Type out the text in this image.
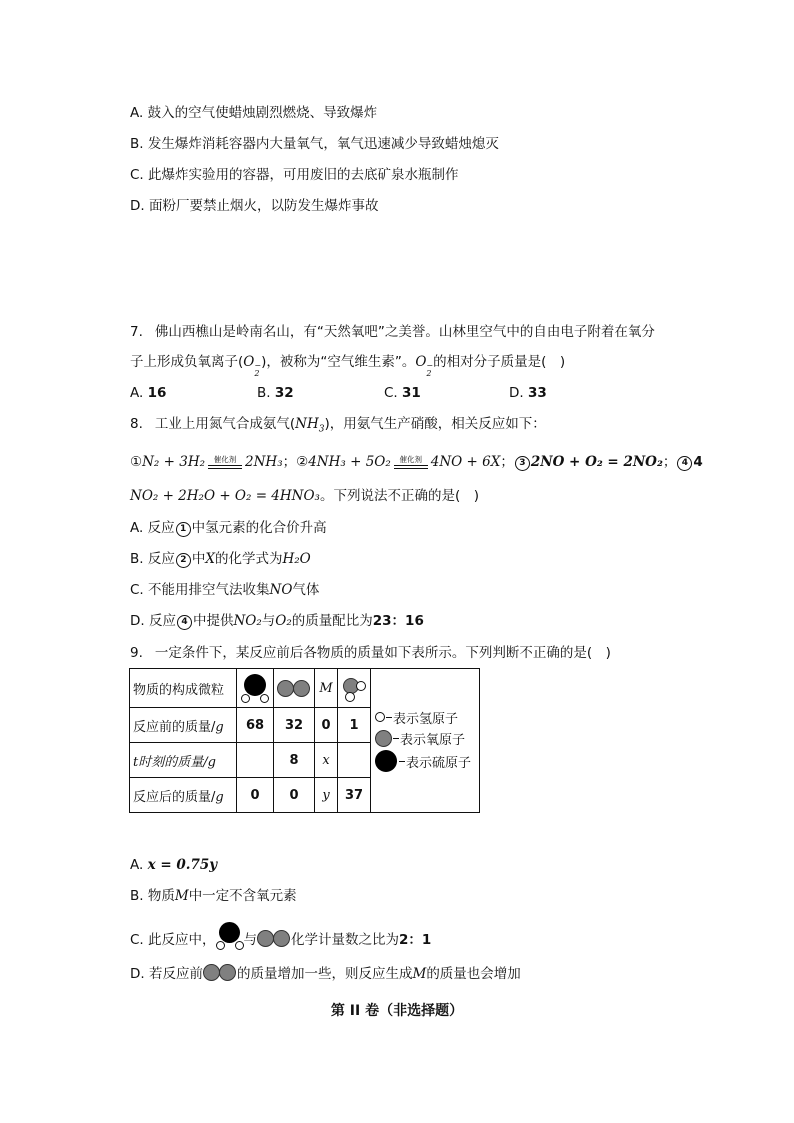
A. 鼓入的空气使蜡烛剧烈燃烧、导致爆炸
B. 发生爆炸消耗容器内大量氧气，氧气迅速减少导致蜡烛熄灭
C. 此爆炸实验用的容器，可用废旧的去底矿泉水瓶制作
D. 面粉厂要禁止烟火，以防发生爆炸事故
7. 佛山西樵山是岭南名山，有“天然氧吧”之美誉。山林里空气中的自由电子附着在氧分
子上形成负氧离子(O −
2
)，被称为“空气维生素”。O −
2
的相对分子质量是(　)
A. 16	B. 32	C. 31	D. 33
8. 工业上用氮气合成氨气$(NH_3)$，用氨气生产硝酸，相关反应如下：
①N₂ + 3H₂ 催化剂 2NH₃；②4NH₃ + 5O₂ 催化剂 4NO + 6X； 3 2NO + O₂ = 2NO₂； 4 4
NO₂ + 2H₂O + O₂ = 4HNO₃。下列说法不正确的是(　)
A. 反应 1 中氢元素的化合价升高
B. 反应 2 中X的化学式为H₂O
C. 不能用排空气法收集NO气体
D. 反应 4 中提供NO₂与O₂的质量配比为23：16
9. 一定条件下，某反应前后各物质的质量如下表所示。下列判断不正确的是(　)
物质的构成微粒			M		表示氢原子
表示氧原子
表示硫原子

反应前的质量/g	68	32	0	1	
t时刻的质量/g		8	x		
反应后的质量/g	0	0	y	37	
A. x = 0.75y
B. 物质M中一定不含氧元素
C. 此反应中， 与	化学计量数之比为2：1
D. 若反应前	的质量增加一些，则反应生成M的质量也会增加
第 II 卷（非选择题）
